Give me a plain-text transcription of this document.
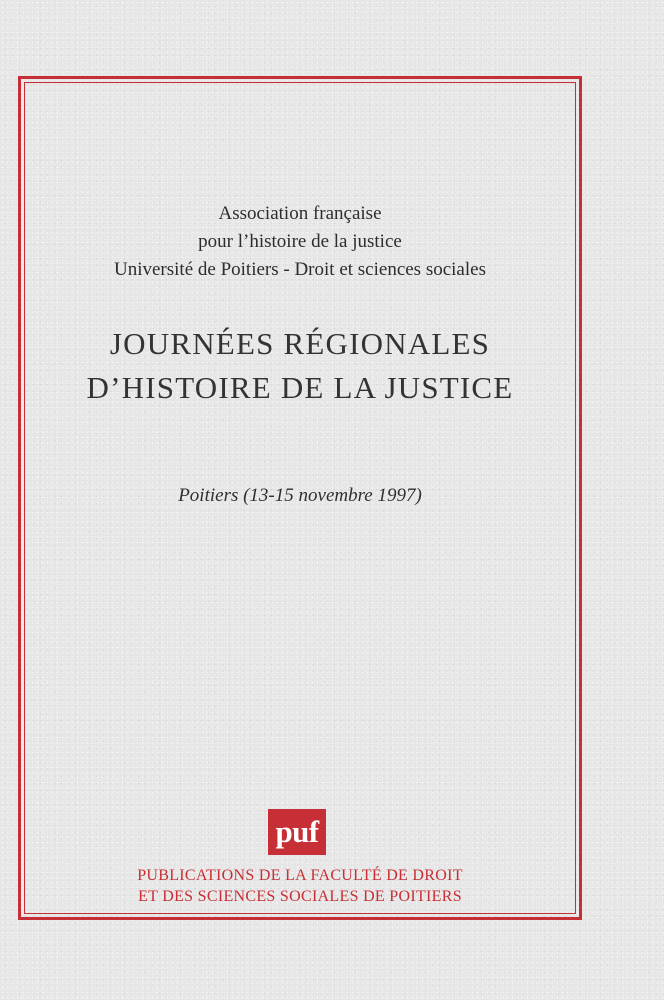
Association française
pour l’histoire de la justice
Université de Poitiers - Droit et sciences sociales
JOURNÉES RÉGIONALES
D’HISTOIRE DE LA JUSTICE
Poitiers (13-15 novembre 1997)
puf
PUBLICATIONS DE LA FACULTÉ DE DROIT
ET DES SCIENCES SOCIALES DE POITIERS
